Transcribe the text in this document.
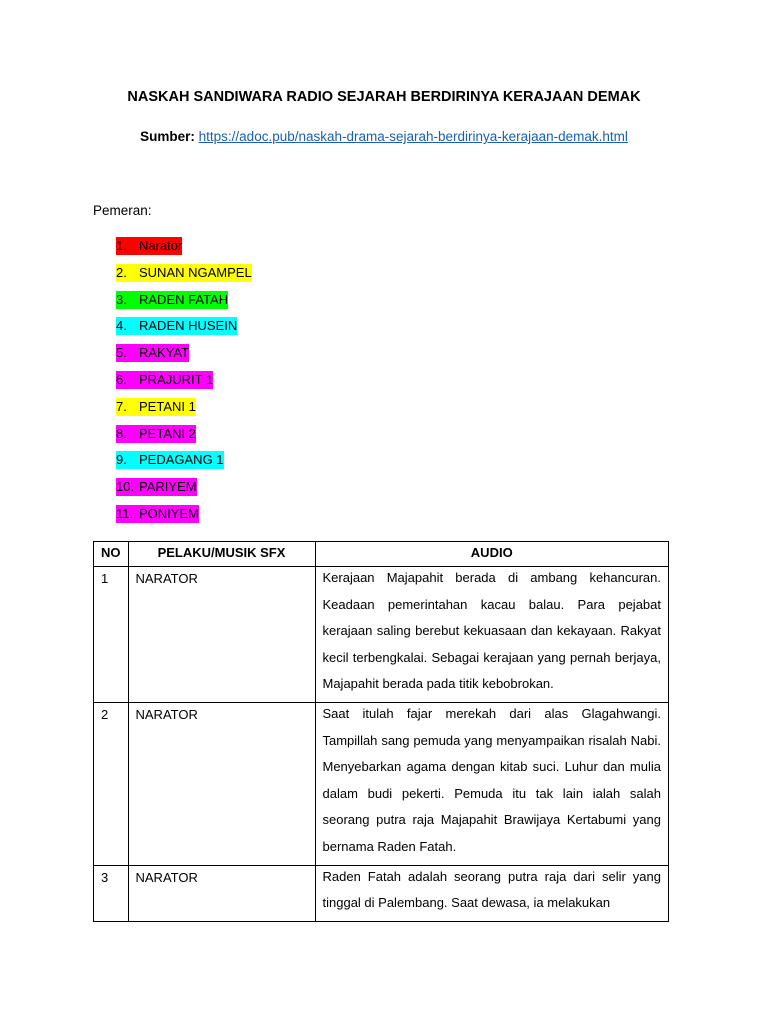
NASKAH SANDIWARA RADIO SEJARAH BERDIRINYA KERAJAAN DEMAK
Sumber: https://adoc.pub/naskah-drama-sejarah-berdirinya-kerajaan-demak.html
Pemeran:
1. Narator
2. SUNAN NGAMPEL
3. RADEN FATAH
4. RADEN HUSEIN
5. RAKYAT
6. PRAJURIT 1
7. PETANI 1
8. PETANI 2
9. PEDAGANG 1
10. PARIYEM
11. PONIYEM
NO	PELAKU/MUSIK SFX	AUDIO
1	NARATOR	Kerajaan Majapahit berada di ambang kehancuran. Keadaan pemerintahan kacau balau. Para pejabat kerajaan saling berebut kekuasaan dan kekayaan. Rakyat kecil terbengkalai. Sebagai kerajaan yang pernah berjaya, Majapahit berada pada titik kebobrokan.

2	NARATOR	Saat itulah fajar merekah dari alas Glagahwangi. Tampillah sang pemuda yang menyampaikan risalah Nabi. Menyebarkan agama dengan kitab suci. Luhur dan mulia dalam budi pekerti. Pemuda itu tak lain ialah salah seorang putra raja Majapahit Brawijaya Kertabumi yang bernama Raden Fatah.

3	NARATOR	Raden Fatah adalah seorang putra raja dari selir yang tinggal di Palembang. Saat dewasa, ia melakukan
